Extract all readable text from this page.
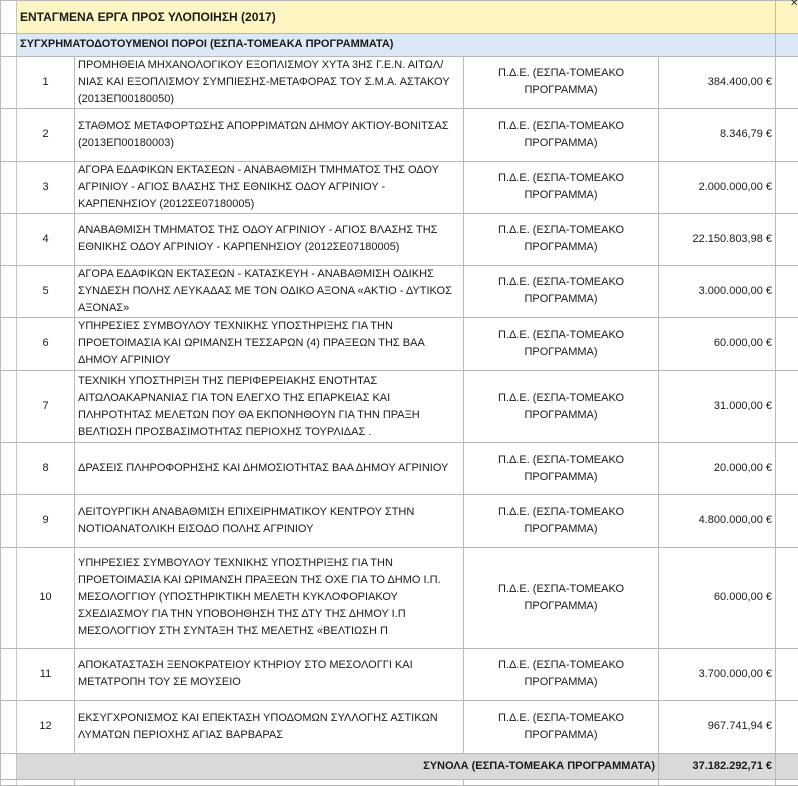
	ΕΝΤΑΓΜΕΝΑ ΕΡΓΑ ΠΡΟΣ ΥΛΟΠΟΙΗΣΗ (2017)				
	ΣΥΓΧΡΗΜΑΤΟΔΟΤΟΥΜΕΝΟΙ ΠΟΡΟΙ (ΕΣΠΑ-ΤΟΜΕΑΚΑ ΠΡΟΓΡΑΜΜΑΤΑ)				
	1	ΠΡΟΜΗΘΕΙΑ ΜΗΧΑΝΟΛΟΓΙΚΟΥ ΕΞΟΠΛΙΣΜΟΥ ΧΥΤΑ 3ΗΣ Γ.Ε.Ν. ΑΙΤΩΛ/ΝΙΑΣ ΚΑΙ ΕΞΟΠΛΙΣΜΟΥ ΣΥΜΠΙΕΣΗΣ-ΜΕΤΑΦΟΡΑΣ ΤΟΥ Σ.Μ.Α. ΑΣΤΑΚΟΥ (2013ΕΠ00180050)	Π.Δ.Ε. (ΕΣΠΑ-ΤΟΜΕΑΚΟ ΠΡΟΓΡΑΜΜΑ)	384.400,00 €	
	2	ΣΤΑΘΜΟΣ ΜΕΤΑΦΟΡΤΩΣΗΣ ΑΠΟΡΡΙΜΑΤΩΝ ΔΗΜΟΥ ΑΚΤΙΟΥ-ΒΟΝΙΤΣΑΣ (2013ΕΠ00180003)	Π.Δ.Ε. (ΕΣΠΑ-ΤΟΜΕΑΚΟ ΠΡΟΓΡΑΜΜΑ)	8.346,79 €	
	3	ΑΓΟΡΑ ΕΔΑΦΙΚΩΝ ΕΚΤΑΣΕΩΝ - ΑΝΑΒΑΘΜΙΣΗ ΤΜΗΜΑΤΟΣ ΤΗΣ ΟΔΟΥ ΑΓΡΙΝΙΟΥ - ΑΓΙΟΣ ΒΛΑΣΗΣ ΤΗΣ ΕΘΝΙΚΗΣ ΟΔΟΥ ΑΓΡΙΝΙΟΥ - ΚΑΡΠΕΝΗΣΙΟΥ (2012ΣΕ07180005)	Π.Δ.Ε. (ΕΣΠΑ-ΤΟΜΕΑΚΟ ΠΡΟΓΡΑΜΜΑ)	2.000.000,00 €	
	4	ΑΝΑΒΑΘΜΙΣΗ ΤΜΗΜΑΤΟΣ ΤΗΣ ΟΔΟΥ ΑΓΡΙΝΙΟΥ - ΑΓΙΟΣ ΒΛΑΣΗΣ ΤΗΣ ΕΘΝΙΚΗΣ ΟΔΟΥ ΑΓΡΙΝΙΟΥ - ΚΑΡΠΕΝΗΣΙΟΥ (2012ΣΕ07180005)	Π.Δ.Ε. (ΕΣΠΑ-ΤΟΜΕΑΚΟ ΠΡΟΓΡΑΜΜΑ)	22.150.803,98 €	
	5	ΑΓΟΡΑ ΕΔΑΦΙΚΩΝ ΕΚΤΑΣΕΩΝ - ΚΑΤΑΣΚΕΥΗ - ΑΝΑΒΑΘΜΙΣΗ ΟΔΙΚΗΣ ΣΥΝΔΕΣΗ ΠΟΛΗΣ ΛΕΥΚΑΔΑΣ ΜΕ ΤΟΝ ΟΔΙΚΟ ΑΞΟΝΑ «ΑΚΤΙΟ - ΔΥΤΙΚΟΣ ΑΞΟΝΑΣ»	Π.Δ.Ε. (ΕΣΠΑ-ΤΟΜΕΑΚΟ ΠΡΟΓΡΑΜΜΑ)	3.000.000,00 €	
	6	ΥΠΗΡΕΣΙΕΣ ΣΥΜΒΟΥΛΟΥ ΤΕΧΝΙΚΗΣ ΥΠΟΣΤΗΡΙΞΗΣ ΓΙΑ ΤΗΝ ΠΡΟΕΤΟΙΜΑΣΙΑ ΚΑΙ ΩΡΙΜΑΝΣΗ ΤΕΣΣΑΡΩΝ (4) ΠΡΑΞΕΩΝ ΤΗΣ ΒΑΑ ΔΗΜΟΥ ΑΓΡΙΝΙΟΥ	Π.Δ.Ε. (ΕΣΠΑ-ΤΟΜΕΑΚΟ ΠΡΟΓΡΑΜΜΑ)	60.000,00 €	
	7	ΤΕΧΝΙΚΗ ΥΠΟΣΤΗΡΙΞΗ ΤΗΣ ΠΕΡΙΦΕΡΕΙΑΚΗΣ ΕΝΟΤΗΤΑΣ ΑΙΤΩΛΟΑΚΑΡΝΑΝΙΑΣ ΓΙΑ ΤΟΝ ΕΛΕΓΧΟ ΤΗΣ ΕΠΑΡΚΕΙΑΣ ΚΑΙ ΠΛΗΡΟΤΗΤΑΣ ΜΕΛΕΤΩΝ ΠΟΥ ΘΑ ΕΚΠΟΝΗΘΟΥΝ ΓΙΑ ΤΗΝ ΠΡΑΞΗ ΒΕΛΤΙΩΣΗ ΠΡΟΣΒΑΣΙΜΟΤΗΤΑΣ ΠΕΡΙΟΧΗΣ ΤΟΥΡΛΙΔΑΣ .	Π.Δ.Ε. (ΕΣΠΑ-ΤΟΜΕΑΚΟ ΠΡΟΓΡΑΜΜΑ)	31.000,00 €	
	8	ΔΡΑΣΕΙΣ ΠΛΗΡΟΦΟΡΗΣΗΣ ΚΑΙ ΔΗΜΟΣΙΟΤΗΤΑΣ ΒΑΑ ΔΗΜΟΥ ΑΓΡΙΝΙΟΥ	Π.Δ.Ε. (ΕΣΠΑ-ΤΟΜΕΑΚΟ ΠΡΟΓΡΑΜΜΑ)	20.000,00 €	
	9	ΛΕΙΤΟΥΡΓΙΚΗ ΑΝΑΒΑΘΜΙΣΗ ΕΠΙΧΕΙΡΗΜΑΤΙΚΟΥ ΚΕΝΤΡΟΥ ΣΤΗΝ ΝΟΤΙΟΑΝΑΤΟΛΙΚΗ ΕΙΣΟΔΟ ΠΟΛΗΣ ΑΓΡΙΝΙΟΥ	Π.Δ.Ε. (ΕΣΠΑ-ΤΟΜΕΑΚΟ ΠΡΟΓΡΑΜΜΑ)	4.800.000,00 €	
	10	ΥΠΗΡΕΣΙΕΣ ΣΥΜΒΟΥΛΟΥ ΤΕΧΝΙΚΗΣ ΥΠΟΣΤΗΡΙΞΗΣ ΓΙΑ ΤΗΝ ΠΡΟΕΤΟΙΜΑΣΙΑ ΚΑΙ ΩΡΙΜΑΝΣΗ ΠΡΑΞΕΩΝ ΤΗΣ ΟΧΕ ΓΙΑ ΤΟ ΔΗΜΟ Ι.Π. ΜΕΣΟΛΟΓΓΙΟΥ (ΥΠΟΣΤΗΡΙΚΤΙΚΗ ΜΕΛΕΤΗ ΚΥΚΛΟΦΟΡΙΑΚΟΥ ΣΧΕΔΙΑΣΜΟΥ ΓΙΑ ΤΗΝ ΥΠΟΒΟΗΘΗΣΗ ΤΗΣ ΔΤΥ ΤΗΣ ΔΗΜΟΥ Ι.Π ΜΕΣΟΛΟΓΓΙΟΥ ΣΤΗ ΣΥΝΤΑΞΗ ΤΗΣ ΜΕΛΕΤΗΣ «ΒΕΛΤΙΩΣΗ Π	Π.Δ.Ε. (ΕΣΠΑ-ΤΟΜΕΑΚΟ ΠΡΟΓΡΑΜΜΑ)	60.000,00 €	
	11	ΑΠΟΚΑΤΑΣΤΑΣΗ ΞΕΝΟΚΡΑΤΕΙΟΥ ΚΤΗΡΙΟΥ ΣΤΟ ΜΕΣΟΛΟΓΓΙ ΚΑΙ ΜΕΤΑΤΡΟΠΗ ΤΟΥ ΣΕ ΜΟΥΣΕΙΟ	Π.Δ.Ε. (ΕΣΠΑ-ΤΟΜΕΑΚΟ ΠΡΟΓΡΑΜΜΑ)	3.700.000,00 €	
	12	ΕΚΣΥΓΧΡΟΝΙΣΜΟΣ ΚΑΙ ΕΠΕΚΤΑΣΗ ΥΠΟΔΟΜΩΝ ΣΥΛΛΟΓΗΣ ΑΣΤΙΚΩΝ ΛΥΜΑΤΩΝ ΠΕΡΙΟΧΗΣ ΑΓΙΑΣ ΒΑΡΒΑΡΑΣ	Π.Δ.Ε. (ΕΣΠΑ-ΤΟΜΕΑΚΟ ΠΡΟΓΡΑΜΜΑ)	967.741,94 €	
	ΣΥΝΟΛΑ (ΕΣΠΑ-ΤΟΜΕΑΚΑ ΠΡΟΓΡΑΜΜΑΤΑ)			37.182.292,71 €	

✕
